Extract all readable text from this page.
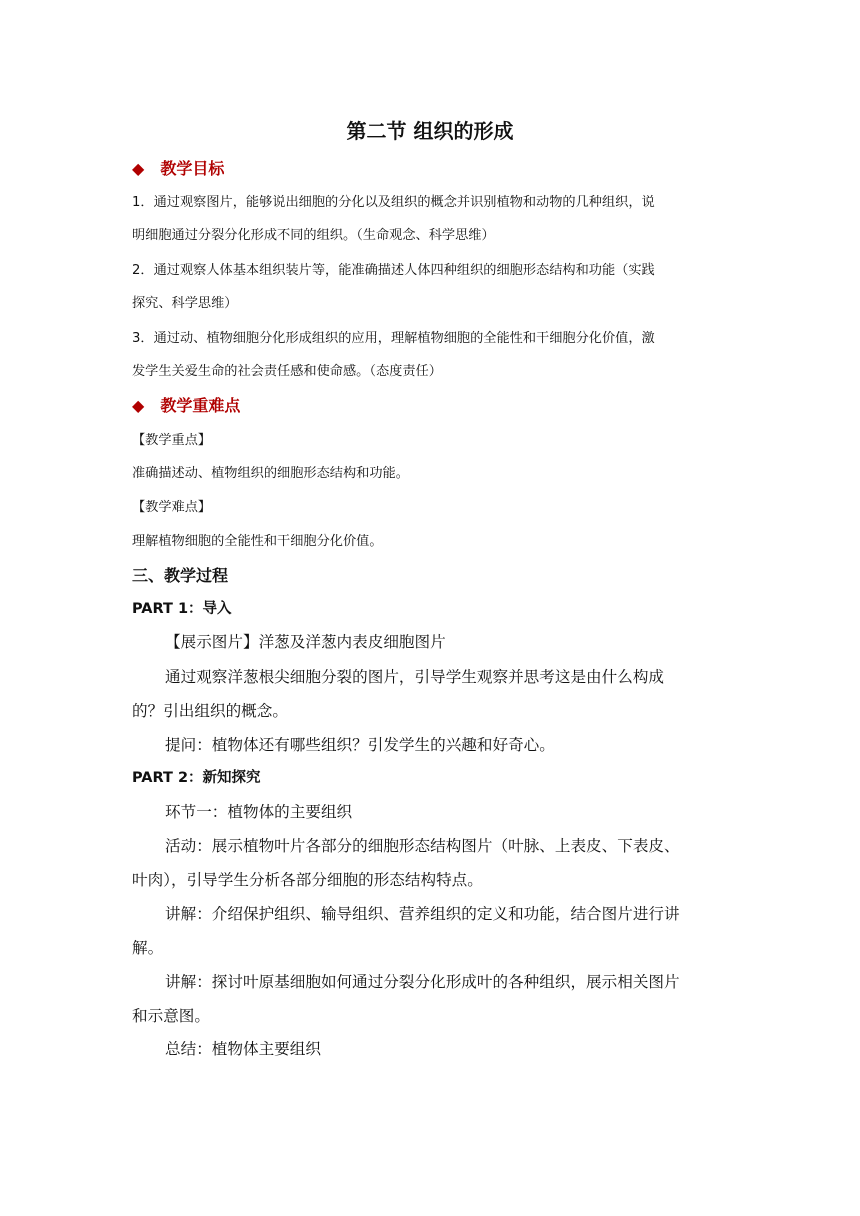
第二节 组织的形成
◆ 教学目标
1．通过观察图片，能够说出细胞的分化以及组织的概念并识别植物和动物的几种组织，说
明细胞通过分裂分化形成不同的组织。（生命观念、科学思维）
2．通过观察人体基本组织装片等，能准确描述人体四种组织的细胞形态结构和功能（实践
探究、科学思维）
3．通过动、植物细胞分化形成组织的应用，理解植物细胞的全能性和干细胞分化价值，激
发学生关爱生命的社会责任感和使命感。（态度责任）
◆ 教学重难点
【教学重点】
准确描述动、植物组织的细胞形态结构和功能。
【教学难点】
理解植物细胞的全能性和干细胞分化价值。
三、教学过程
PART 1：导入
【展示图片】洋葱及洋葱内表皮细胞图片
通过观察洋葱根尖细胞分裂的图片，引导学生观察并思考这是由什么构成
的？引出组织的概念。
提问：植物体还有哪些组织？引发学生的兴趣和好奇心。
PART 2：新知探究
环节一：植物体的主要组织
活动：展示植物叶片各部分的细胞形态结构图片（叶脉、上表皮、下表皮、
叶肉），引导学生分析各部分细胞的形态结构特点。
讲解：介绍保护组织、输导组织、营养组织的定义和功能，结合图片进行讲
解。
讲解：探讨叶原基细胞如何通过分裂分化形成叶的各种组织，展示相关图片
和示意图。
总结：植物体主要组织
